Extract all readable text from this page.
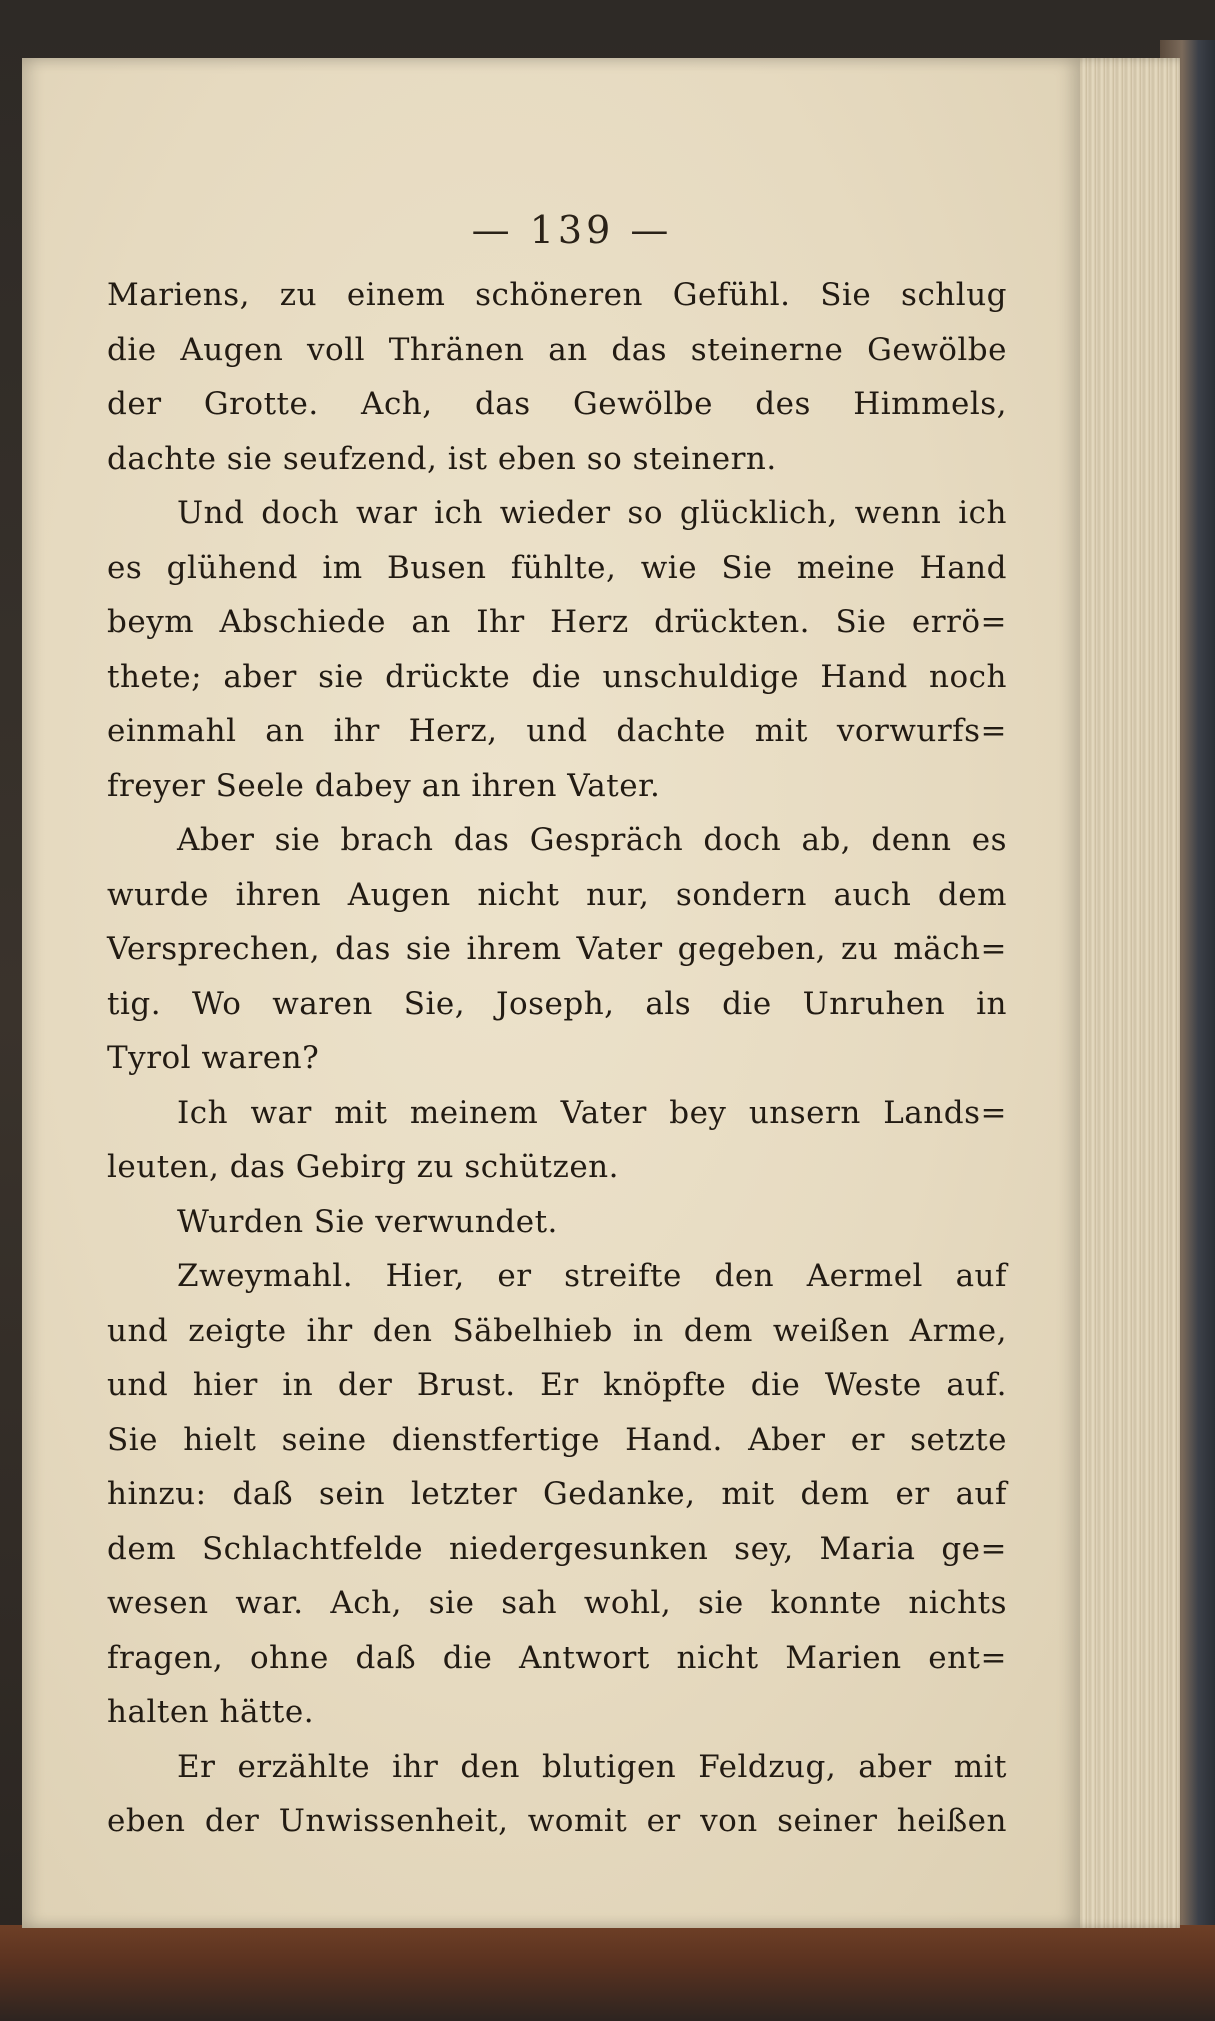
— 139 —
Mariens, zu einem schöneren Gefühl. Sie schlug
die Augen voll Thränen an das steinerne Gewölbe
der Grotte. Ach, das Gewölbe des Himmels,
dachte sie seufzend, ist eben so steinern.
Und doch war ich wieder so glücklich, wenn ich
es glühend im Busen fühlte, wie Sie meine Hand
beym Abschiede an Ihr Herz drückten. Sie errö=
thete; aber sie drückte die unschuldige Hand noch
einmahl an ihr Herz, und dachte mit vorwurfs=
freyer Seele dabey an ihren Vater.
Aber sie brach das Gespräch doch ab, denn es
wurde ihren Augen nicht nur, sondern auch dem
Versprechen, das sie ihrem Vater gegeben, zu mäch=
tig. Wo waren Sie, Joseph, als die Unruhen in
Tyrol waren?
Ich war mit meinem Vater bey unsern Lands=
leuten, das Gebirg zu schützen.
Wurden Sie verwundet.
Zweymahl. Hier, er streifte den Aermel auf
und zeigte ihr den Säbelhieb in dem weißen Arme,
und hier in der Brust. Er knöpfte die Weste auf.
Sie hielt seine dienstfertige Hand. Aber er setzte
hinzu: daß sein letzter Gedanke, mit dem er auf
dem Schlachtfelde niedergesunken sey, Maria ge=
wesen war. Ach, sie sah wohl, sie konnte nichts
fragen, ohne daß die Antwort nicht Marien ent=
halten hätte.
Er erzählte ihr den blutigen Feldzug, aber mit
eben der Unwissenheit, womit er von seiner heißen
